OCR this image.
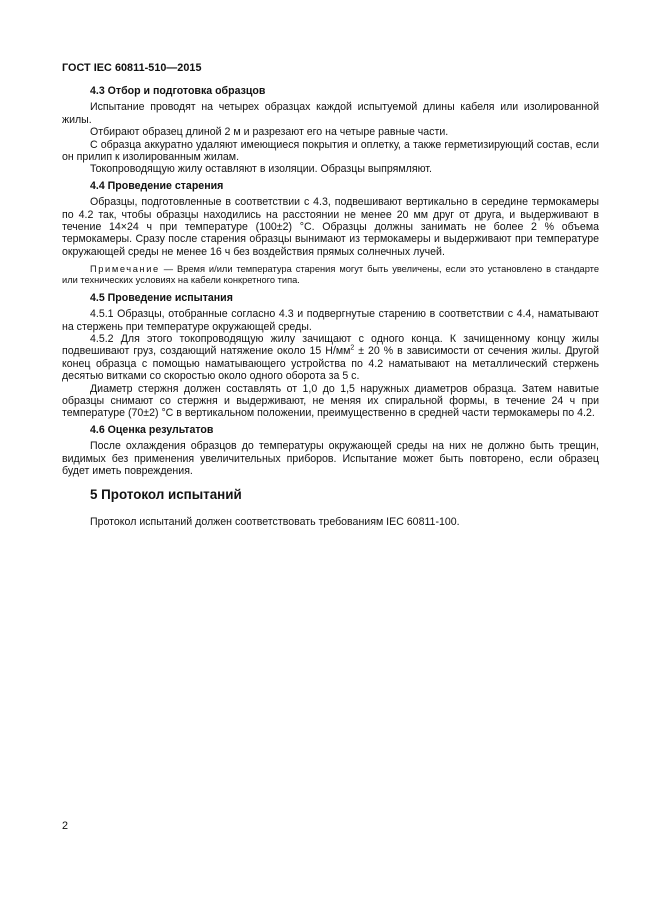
ГОСТ IEC 60811-510—2015
4.3 Отбор и подготовка образцов

Испытание проводят на четырех образцах каждой испытуемой длины кабеля или изолированной жилы.

Отбирают образец длиной 2 м и разрезают его на четыре равные части.

С образца аккуратно удаляют имеющиеся покрытия и оплетку, а также герметизирующий состав, если он прилип к изолированным жилам.

Токопроводящую жилу оставляют в изоляции. Образцы выпрямляют.

4.4 Проведение старения

Образцы, подготовленные в соответствии с 4.3, подвешивают вертикально в середине термокамеры по 4.2 так, чтобы образцы находились на расстоянии не менее 20 мм друг от друга, и выдерживают в течение 14×24 ч при температуре (100±2) °С. Образцы должны занимать не более 2 % объема термокамеры. Сразу после старения образцы вынимают из термокамеры и выдерживают при температуре окружающей среды не менее 16 ч без воздействия прямых солнечных лучей.

Примечание — Время и/или температура старения могут быть увеличены, если это установлено в стандарте или технических условиях на кабели конкретного типа.

4.5 Проведение испытания

4.5.1 Образцы, отобранные согласно 4.3 и подвергнутые старению в соответствии с 4.4, наматывают на стержень при температуре окружающей среды.

4.5.2 Для этого токопроводящую жилу зачищают с одного конца. К зачищенному концу жилы подвешивают груз, создающий натяжение около 15 $Н/мм^2 \pm 20$ % в зависимости от сечения жилы. Другой конец образца с помощью наматывающего устройства по 4.2 наматывают на металлический стержень десятью витками со скоростью около одного оборота за 5 с.

Диаметр стержня должен составлять от 1,0 до 1,5 наружных диаметров образца. Затем навитые образцы снимают со стержня и выдерживают, не меняя их спиральной формы, в течение 24 ч при температуре (70±2) °С в вертикальном положении, преимущественно в средней части термокамеры по 4.2.

4.6 Оценка результатов

После охлаждения образцов до температуры окружающей среды на них не должно быть трещин, видимых без применения увеличительных приборов. Испытание может быть повторено, если образец будет иметь повреждения.

5 Протокол испытаний

Протокол испытаний должен соответствовать требованиям IEC 60811-100.

2
